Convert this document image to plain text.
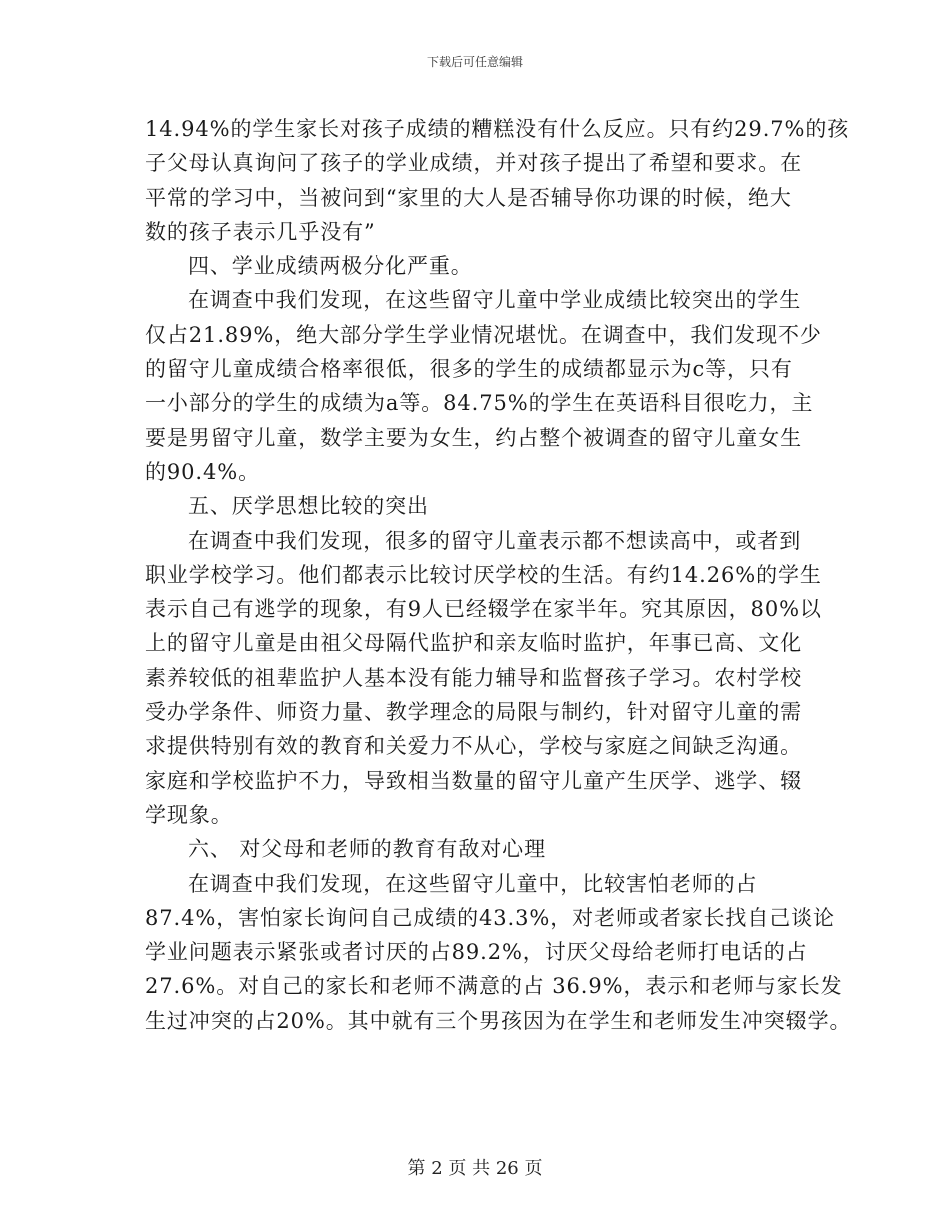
下载后可任意编辑
14.94%的学生家长对孩子成绩的糟糕没有什么反应。只有约29.7%的孩
子父母认真询问了孩子的学业成绩，并对孩子提出了希望和要求。在
平常的学习中，当被问到“家里的大人是否辅导你功课的时候，绝大
数的孩子表示几乎没有”
四、学业成绩两极分化严重。
在调查中我们发现，在这些留守儿童中学业成绩比较突出的学生
仅占21.89%，绝大部分学生学业情况堪忧。在调查中，我们发现不少
的留守儿童成绩合格率很低，很多的学生的成绩都显示为c等，只有
一小部分的学生的成绩为a等。84.75%的学生在英语科目很吃力，主
要是男留守儿童，数学主要为女生，约占整个被调查的留守儿童女生
的90.4%。
五、厌学思想比较的突出
在调查中我们发现，很多的留守儿童表示都不想读高中，或者到
职业学校学习。他们都表示比较讨厌学校的生活。有约14.26%的学生
表示自己有逃学的现象，有9人已经辍学在家半年。究其原因，80%以
上的留守儿童是由祖父母隔代监护和亲友临时监护，年事已高、文化
素养较低的祖辈监护人基本没有能力辅导和监督孩子学习。农村学校
受办学条件、师资力量、教学理念的局限与制约，针对留守儿童的需
求提供特别有效的教育和关爱力不从心，学校与家庭之间缺乏沟通。
家庭和学校监护不力，导致相当数量的留守儿童产生厌学、逃学、辍
学现象。
六、 对父母和老师的教育有敌对心理
在调查中我们发现，在这些留守儿童中，比较害怕老师的占
87.4%，害怕家长询问自己成绩的43.3%，对老师或者家长找自己谈论
学业问题表示紧张或者讨厌的占89.2%，讨厌父母给老师打电话的占
27.6%。对自己的家长和老师不满意的占 36.9%，表示和老师与家长发
生过冲突的占20%。其中就有三个男孩因为在学生和老师发生冲突辍学。
第 2 页 共 26 页
